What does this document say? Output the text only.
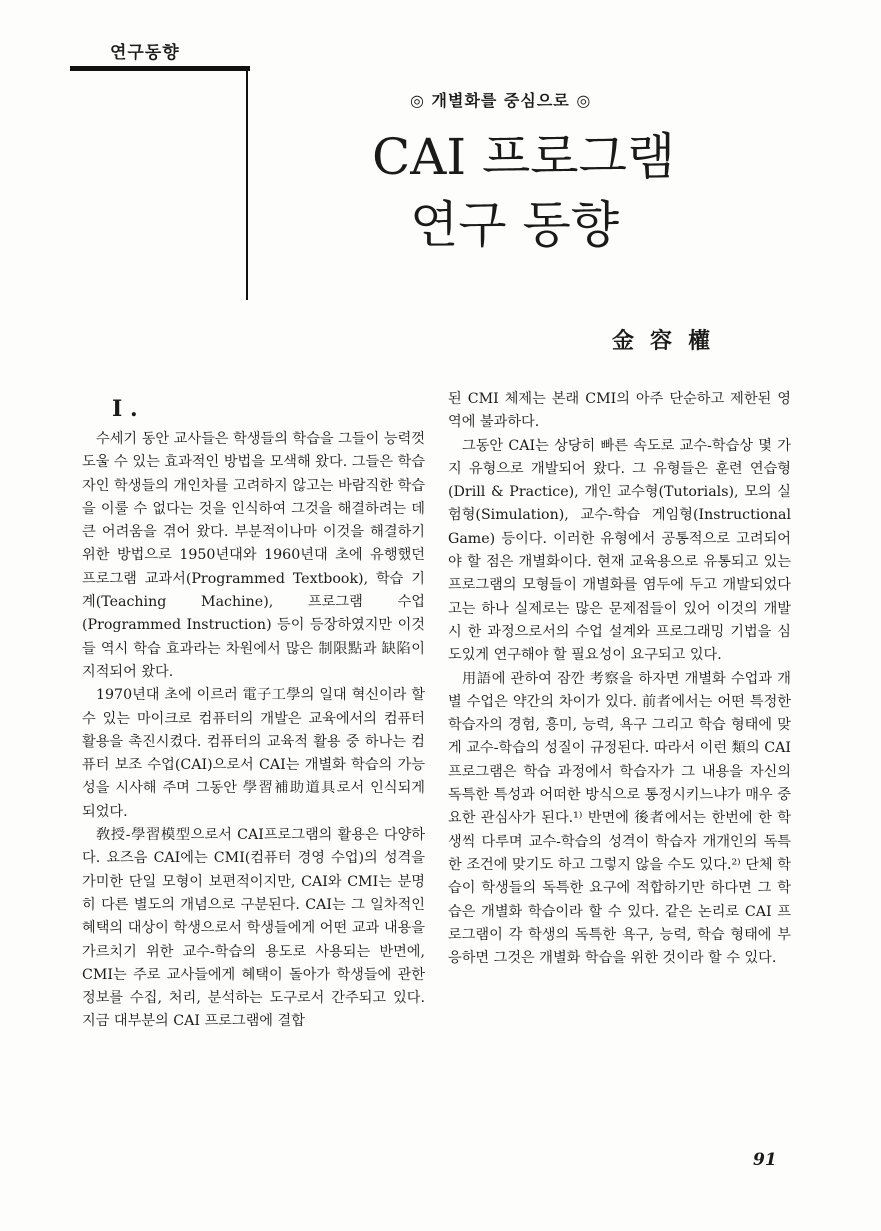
연구동향
◎ 개별화를 중심으로 ◎
CAI 프로그램
연구 동향
金容權
I .

수세기 동안 교사들은 학생들의 학습을 그들이 능력껏 도울 수 있는 효과적인 방법을 모색해 왔다. 그들은 학습자인 학생들의 개인차를 고려하지 않고는 바람직한 학습을 이룰 수 없다는 것을 인식하여 그것을 해결하려는 데 큰 어려움을 겪어 왔다. 부분적이나마 이것을 해결하기 위한 방법으로 1950년대와 1960년대 초에 유행했던 프로그램 교과서(Programmed Textbook), 학습 기계(Teaching Machine), 프로그램 수업(Programmed Instruction) 등이 등장하였지만 이것들 역시 학습 효과라는 차원에서 많은 制限點과 缺陷이 지적되어 왔다.

1970년대 초에 이르러 電子工學의 일대 혁신이라 할 수 있는 마이크로 컴퓨터의 개발은 교육에서의 컴퓨터 활용을 촉진시켰다. 컴퓨터의 교육적 활용 중 하나는 컴퓨터 보조 수업(CAI)으로서 CAI는 개별화 학습의 가능성을 시사해 주며 그동안 學習補助道具로서 인식되게 되었다.

敎授-學習模型으로서 CAI프로그램의 활용은 다양하다. 요즈음 CAI에는 CMI(컴퓨터 경영 수업)의 성격을 가미한 단일 모형이 보편적이지만, CAI와 CMI는 분명히 다른 별도의 개념으로 구분된다. CAI는 그 일차적인 혜택의 대상이 학생으로서 학생들에게 어떤 교과 내용을 가르치기 위한 교수-학습의 용도로 사용되는 반면에, CMI는 주로 교사들에게 혜택이 돌아가 학생들에 관한 정보를 수집, 처리, 분석하는 도구로서 간주되고 있다. 지금 대부분의 CAI 프로그램에 결합

된 CMI 체제는 본래 CMI의 아주 단순하고 제한된 영역에 불과하다.

그동안 CAI는 상당히 빠른 속도로 교수-학습상 몇 가지 유형으로 개발되어 왔다. 그 유형들은 훈련 연습형(Drill & Practice), 개인 교수형(Tutorials), 모의 실험형(Simulation), 교수-학습 게임형(Instructional Game) 등이다. 이러한 유형에서 공통적으로 고려되어야 할 점은 개별화이다. 현재 교육용으로 유통되고 있는 프로그램의 모형들이 개별화를 염두에 두고 개발되었다고는 하나 실제로는 많은 문제점들이 있어 이것의 개발시 한 과정으로서의 수업 설계와 프로그래밍 기법을 심도있게 연구해야 할 필요성이 요구되고 있다.

用語에 관하여 잠깐 考察을 하자면 개별화 수업과 개별 수업은 약간의 차이가 있다. 前者에서는 어떤 특정한 학습자의 경험, 흥미, 능력, 욕구 그리고 학습 형태에 맞게 교수-학습의 성질이 규정된다. 따라서 이런 類의 CAI 프로그램은 학습 과정에서 학습자가 그 내용을 자신의 독특한 특성과 어떠한 방식으로 통정시키느냐가 매우 중요한 관심사가 된다.¹⁾ 반면에 後者에서는 한번에 한 학생씩 다루며 교수-학습의 성격이 학습자 개개인의 독특한 조건에 맞기도 하고 그렇지 않을 수도 있다.²⁾ 단체 학습이 학생들의 독특한 요구에 적합하기만 하다면 그 학습은 개별화 학습이라 할 수 있다. 같은 논리로 CAI 프로그램이 각 학생의 독특한 욕구, 능력, 학습 형태에 부응하면 그것은 개별화 학습을 위한 것이라 할 수 있다.

91
